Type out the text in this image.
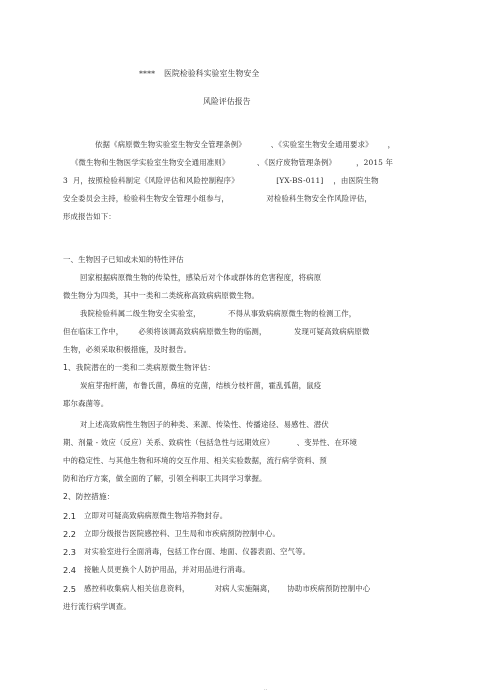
**** 医院检验科实验室生物安全
风险评估报告
依据《病原微生物实验室生物安全管理条例》          、《实验室生物安全通用要求》      ，
《微生物和生物医学实验室生物安全通用准则》           、《医疗废物管理条例》        ，2015 年
3  月，按照检验科制定《风险评估和风险控制程序》               [YX-BS-011]    ，由医院生物
安全委员会主持，检验科生物安全管理小组参与，               对检验科生物安全作风险评估，
形成报告如下：
一、生物因子已知或未知的特性评估
回家根据病原微生物的传染性，感染后对个体或群体的危害程度，将病原
微生物分为四类，其中一类和二类统称高致病病原微生物。
我院检验科属二级生物安全实验室，           不得从事致病病原微生物的检测工作，
但在临床工作中，      必须将该调高致病病原微生物的临测，           发现可疑高致病病原微
生物，必须采取积极措施，及时报告。
1、我院潜在的一类和二类病原微生物评估：
炭疽芽孢杆菌，布鲁氏菌，鼻疽的克菌，结核分枝杆菌，霍乱弧菌，鼠疫
耶尔森菌等。
对上述高致病性生物因子的种类、来源、传染性、传播途径、易感性、潜伏
期、剂量 - 效应（反应）关系、致病性（包括急性与远期效应）         、变异性、在环境
中的稳定性、与其他生物和环境的交互作用、相关实验数据，流行病学资料、预
防和治疗方案，做全面的了解，引领全科职工共同学习掌握。
2、防控措施：
2.1 立即对可疑高致病病原微生物培养物封存。
2.2 立即分级报告医院感控科、卫生局和市疾病预防控制中心。
2.3 对实验室进行全面消毒，包括工作台面、地面、仪器表面、空气等。
2.4 接触人员更换个人防护用品，并对用品进行消毒。
2.5 感控科收集病人相关信息资料，          对病人实施隔离，     协助市疾病预防控制中心
进行流行病学调查。
..
